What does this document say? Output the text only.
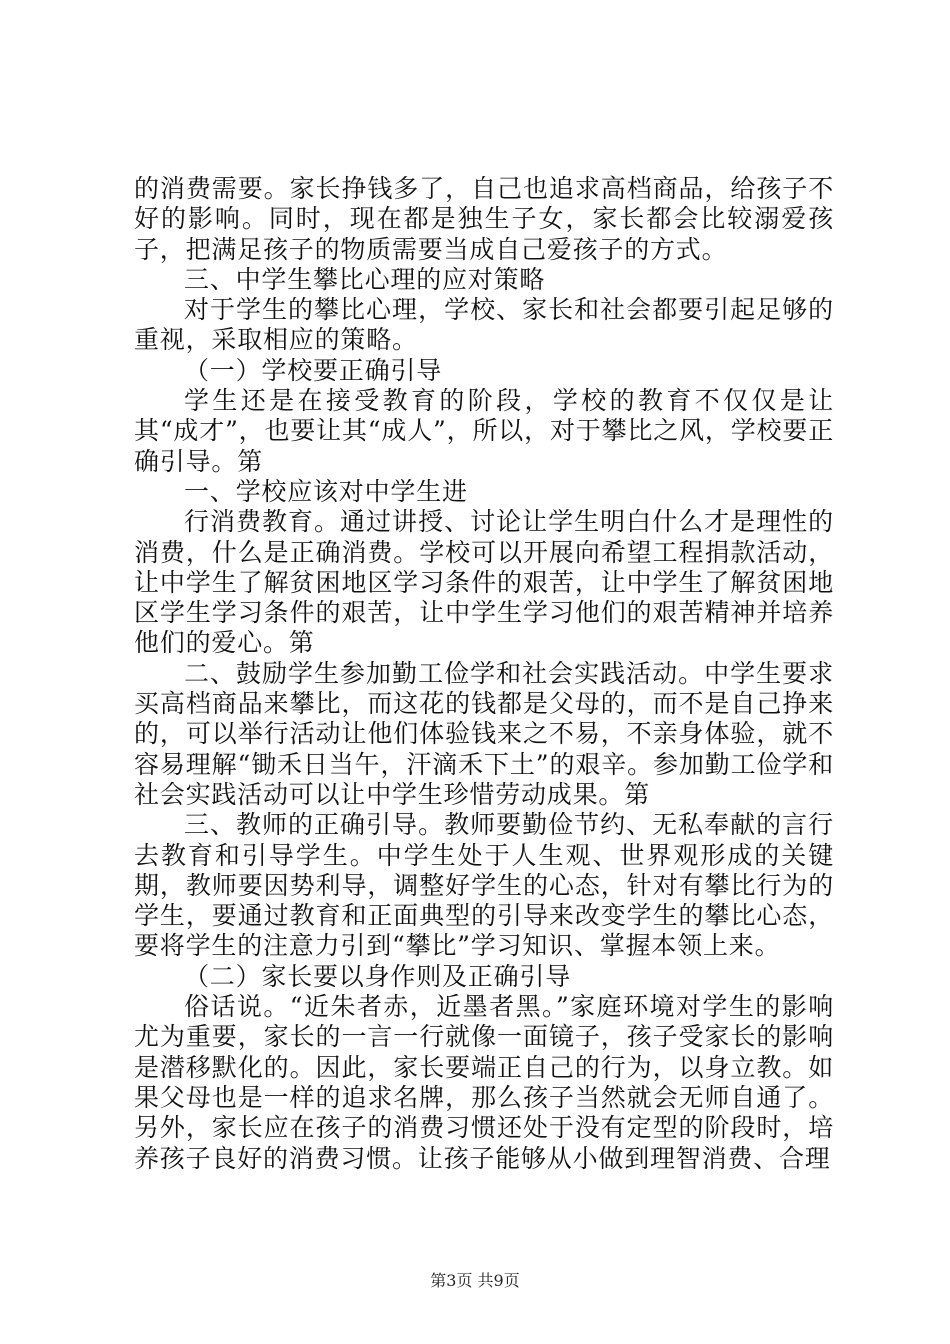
的消费需要。家长挣钱多了，自己也追求高档商品，给孩子不好的影响。同时，现在都是独生子女，家长都会比较溺爱孩子，把满足孩子的物质需要当成自己爱孩子的方式。

三、中学生攀比心理的应对策略

对于学生的攀比心理，学校、家长和社会都要引起足够的重视，采取相应的策略。

（一）学校要正确引导

学生还是在接受教育的阶段，学校的教育不仅仅是让其“成才”，也要让其“成人”，所以，对于攀比之风，学校要正确引导。第

一、学校应该对中学生进

行消费教育。通过讲授、讨论让学生明白什么才是理性的消费，什么是正确消费。学校可以开展向希望工程捐款活动，让中学生了解贫困地区学习条件的艰苦，让中学生了解贫困地区学生学习条件的艰苦，让中学生学习他们的艰苦精神并培养他们的爱心。第

二、鼓励学生参加勤工俭学和社会实践活动。中学生要求买高档商品来攀比，而这花的钱都是父母的，而不是自己挣来的，可以举行活动让他们体验钱来之不易，不亲身体验，就不容易理解“锄禾日当午，汗滴禾下土”的艰辛。参加勤工俭学和社会实践活动可以让中学生珍惜劳动成果。第

三、教师的正确引导。教师要勤俭节约、无私奉献的言行去教育和引导学生。中学生处于人生观、世界观形成的关键期，教师要因势利导，调整好学生的心态，针对有攀比行为的学生，要通过教育和正面典型的引导来改变学生的攀比心态，要将学生的注意力引到“攀比”学习知识、掌握本领上来。

（二）家长要以身作则及正确引导

俗话说。“近朱者赤，近墨者黑。”家庭环境对学生的影响尤为重要，家长的一言一行就像一面镜子，孩子受家长的影响是潜移默化的。因此，家长要端正自己的行为，以身立教。如果父母也是一样的追求名牌，那么孩子当然就会无师自通了。另外，家长应在孩子的消费习惯还处于没有定型的阶段时，培养孩子良好的消费习惯。让孩子能够从小做到理智消费、合理

第3页 共9页
